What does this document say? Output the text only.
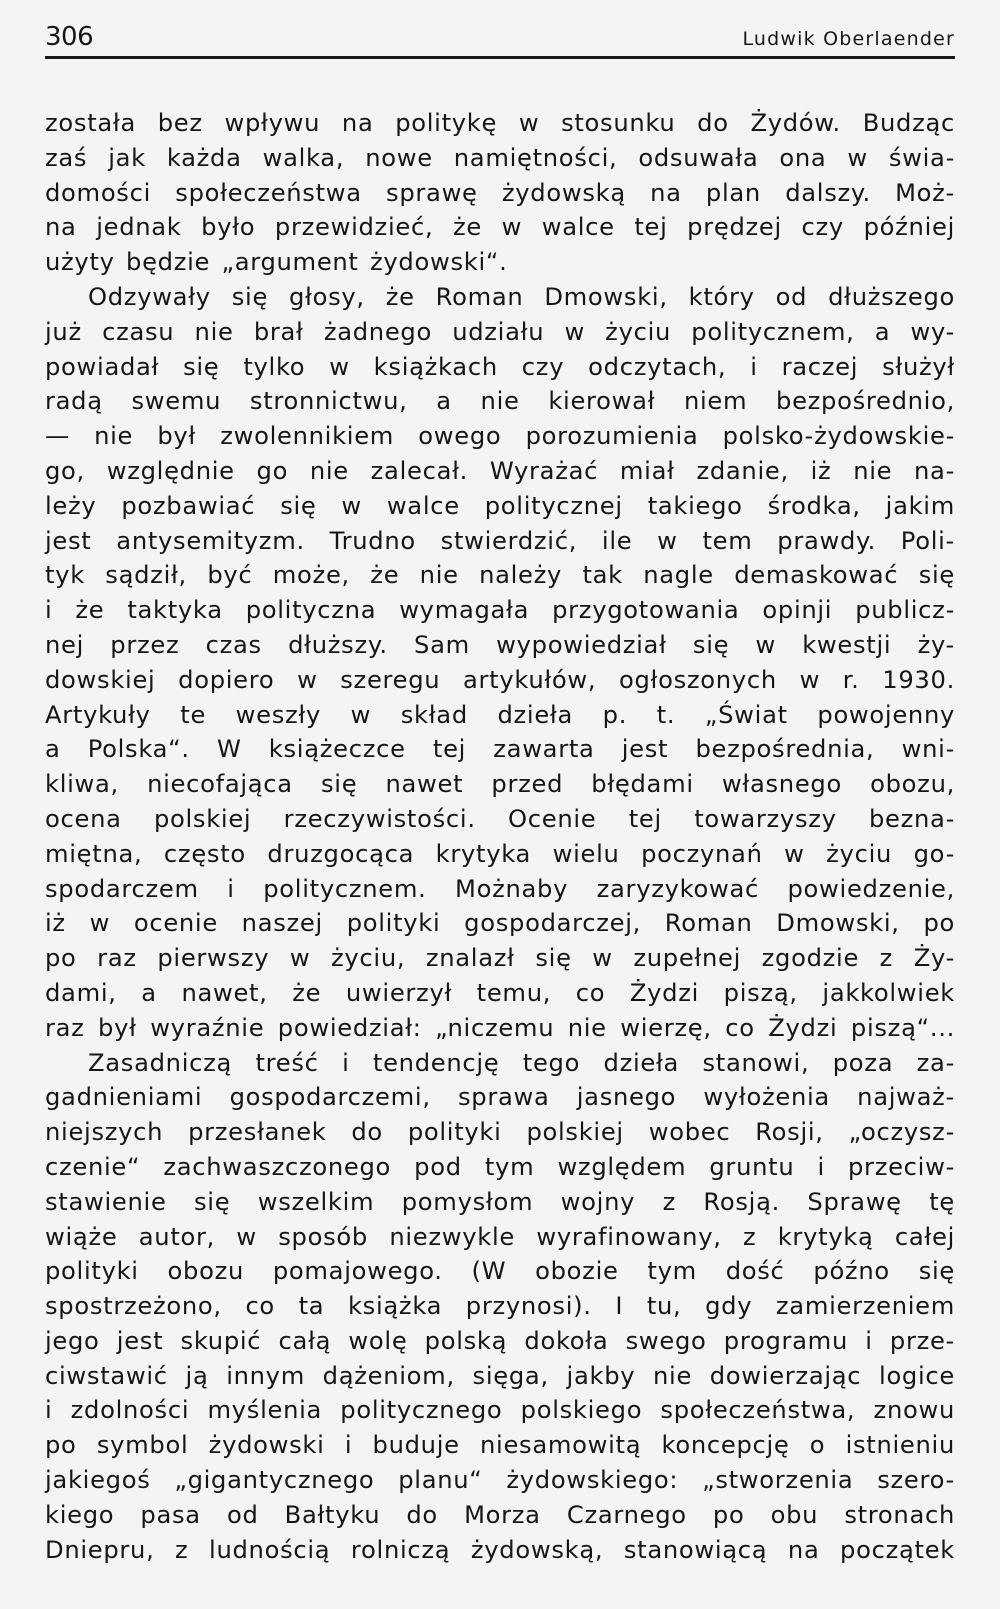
306	Ludwik Oberlaender

została bez wpływu na politykę w stosunku do Żydów. Budząc
zaś jak każda walka, nowe namiętności, odsuwała ona w świa-
domości społeczeństwa sprawę żydowską na plan dalszy. Moż-
na jednak było przewidzieć, że w walce tej prędzej czy później
użyty będzie „argument żydowski“.

Odzywały się głosy, że Roman Dmowski, który od dłuższego
już czasu nie brał żadnego udziału w życiu politycznem, a wy-
powiadał się tylko w książkach czy odczytach, i raczej służył
radą swemu stronnictwu, a nie kierował niem bezpośrednio,
— nie był zwolennikiem owego porozumienia polsko-żydowskie-
go, względnie go nie zalecał. Wyrażać miał zdanie, iż nie na-
leży pozbawiać się w walce politycznej takiego środka, jakim
jest antysemityzm. Trudno stwierdzić, ile w tem prawdy. Poli-
tyk sądził, być może, że nie należy tak nagle demaskować się
i że taktyka polityczna wymagała przygotowania opinji publicz-
nej przez czas dłuższy. Sam wypowiedział się w kwestji ży-
dowskiej dopiero w szeregu artykułów, ogłoszonych w r. 1930.
Artykuły te weszły w skład dzieła p. t. „Świat powojenny
a Polska“. W książeczce tej zawarta jest bezpośrednia, wni-
kliwa, niecofająca się nawet przed błędami własnego obozu,
ocena polskiej rzeczywistości. Ocenie tej towarzyszy bezna-
miętna, często druzgocąca krytyka wielu poczynań w życiu go-
spodarczem i politycznem. Możnaby zaryzykować powiedzenie,
iż w ocenie naszej polityki gospodarczej, Roman Dmowski, po
po raz pierwszy w życiu, znalazł się w zupełnej zgodzie z Ży-
dami, a nawet, że uwierzył temu, co Żydzi piszą, jakkolwiek
raz był wyraźnie powiedział: „niczemu nie wierzę, co Żydzi piszą“...

Zasadniczą treść i tendencję tego dzieła stanowi, poza za-
gadnieniami gospodarczemi, sprawa jasnego wyłożenia najważ-
niejszych przesłanek do polityki polskiej wobec Rosji, „oczysz-
czenie“ zachwaszczonego pod tym względem gruntu i przeciw-
stawienie się wszelkim pomysłom wojny z Rosją. Sprawę tę
wiąże autor, w sposób niezwykle wyrafinowany, z krytyką całej
polityki obozu pomajowego. (W obozie tym dość późno się
spostrzeżono, co ta książka przynosi). I tu, gdy zamierzeniem
jego jest skupić całą wolę polską dokoła swego programu i prze-
ciwstawić ją innym dążeniom, sięga, jakby nie dowierzając logice
i zdolności myślenia politycznego polskiego społeczeństwa, znowu
po symbol żydowski i buduje niesamowitą koncepcję o istnieniu
jakiegoś „gigantycznego planu“ żydowskiego: „stworzenia szero-
kiego pasa od Bałtyku do Morza Czarnego po obu stronach
Dniepru, z ludnością rolniczą żydowską, stanowiącą na początek
